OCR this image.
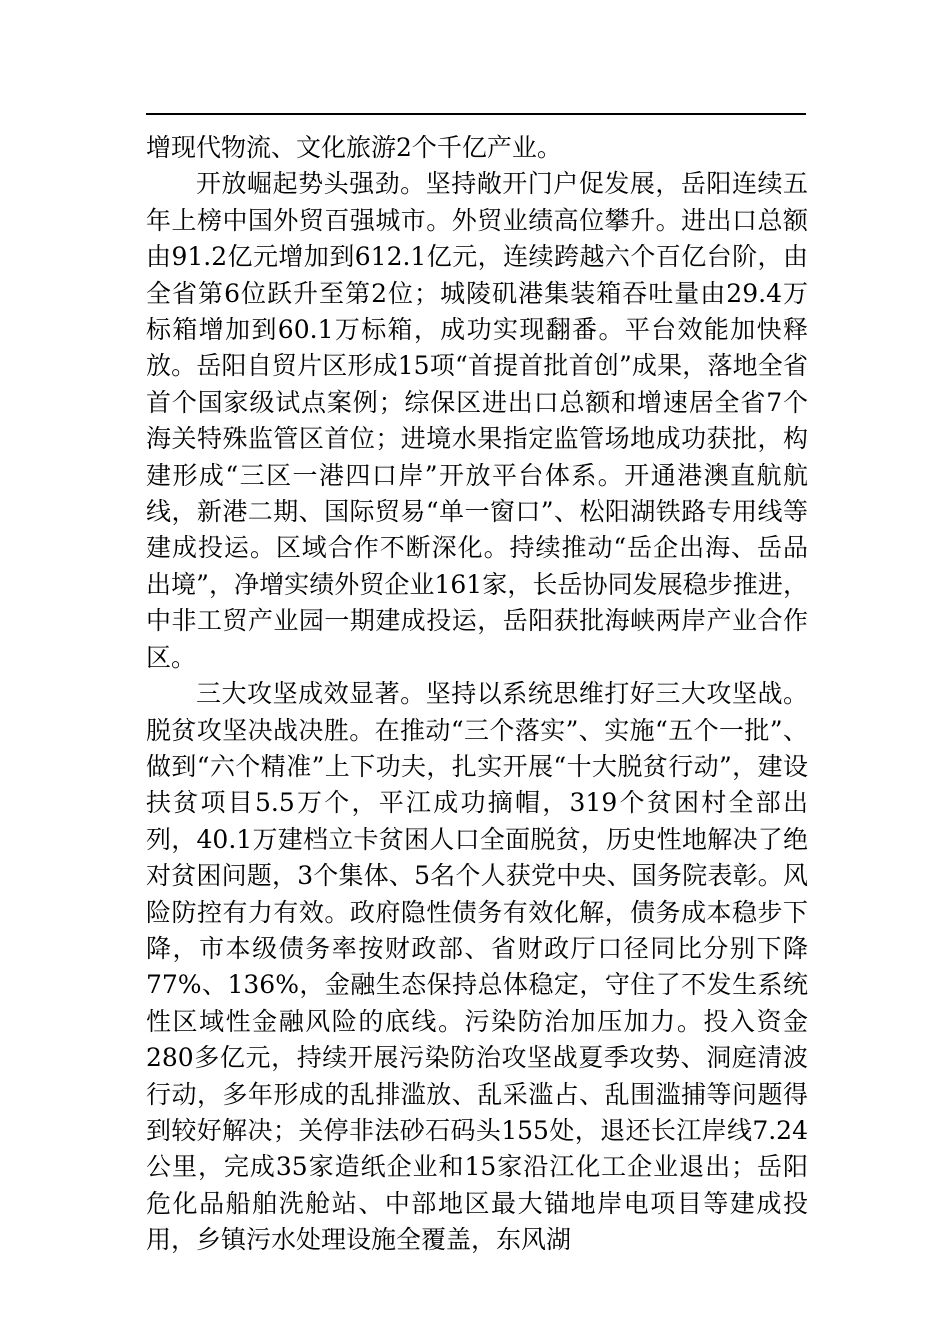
增现代物流、文化旅游2个千亿产业。

开放崛起势头强劲。坚持敞开门户促发展，岳阳连续五年上榜中国外贸百强城市。外贸业绩高位攀升。进出口总额由91.2亿元增加到612.1亿元，连续跨越六个百亿台阶，由全省第6位跃升至第2位；城陵矶港集装箱吞吐量由29.4万标箱增加到60.1万标箱，成功实现翻番。平台效能加快释放。岳阳自贸片区形成15项“首提首批首创”成果，落地全省首个国家级试点案例；综保区进出口总额和增速居全省7个海关特殊监管区首位；进境水果指定监管场地成功获批，构建形成“三区一港四口岸”开放平台体系。开通港澳直航航线，新港二期、国际贸易“单一窗口”、松阳湖铁路专用线等建成投运。区域合作不断深化。持续推动“岳企出海、岳品出境”，净增实绩外贸企业161家，长岳协同发展稳步推进，中非工贸产业园一期建成投运，岳阳获批海峡两岸产业合作区。

三大攻坚成效显著。坚持以系统思维打好三大攻坚战。脱贫攻坚决战决胜。在推动“三个落实”、实施“五个一批”、做到“六个精准”上下功夫，扎实开展“十大脱贫行动”，建设扶贫项目5.5万个，平江成功摘帽，319个贫困村全部出列，40.1万建档立卡贫困人口全面脱贫，历史性地解决了绝对贫困问题，3个集体、5名个人获党中央、国务院表彰。风险防控有力有效。政府隐性债务有效化解，债务成本稳步下降，市本级债务率按财政部、省财政厅口径同比分别下降77%、136%，金融生态保持总体稳定，守住了不发生系统性区域性金融风险的底线。污染防治加压加力。投入资金280多亿元，持续开展污染防治攻坚战夏季攻势、洞庭清波行动，多年形成的乱排滥放、乱采滥占、乱围滥捕等问题得到较好解决；关停非法砂石码头155处，退还长江岸线7.24公里，完成35家造纸企业和15家沿江化工企业退出；岳阳危化品船舶洗舱站、中部地区最大锚地岸电项目等建成投用，乡镇污水处理设施全覆盖，东风湖
